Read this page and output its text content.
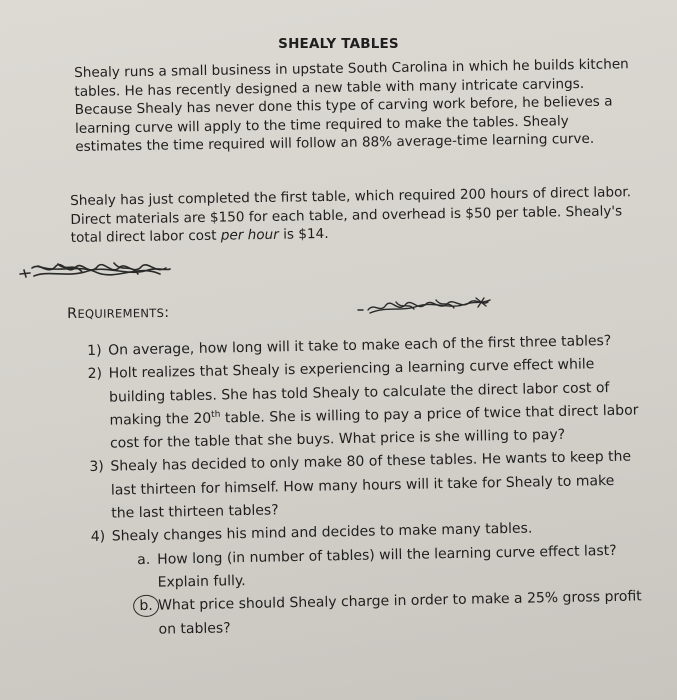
SHEALY TABLES
Shealy runs a small business in upstate South Carolina in which he builds kitchen
tables. He has recently designed a new table with many intricate carvings.
Because Shealy has never done this type of carving work before, he believes a
learning curve will apply to the time required to make the tables. Shealy
estimates the time required will follow an 88% average-time learning curve.
Shealy has just completed the first table, which required 200 hours of direct labor.
Direct materials are $150 for each table, and overhead is $50 per table. Shealy's
total direct labor cost per hour is $14.
REQUIREMENTS:
1) On average, how long will it take to make each of the first three tables?
2) Holt realizes that Shealy is experiencing a learning curve effect while
building tables. She has told Shealy to calculate the direct labor cost of
making the 20th table. She is willing to pay a price of twice that direct labor
cost for the table that she buys. What price is she willing to pay?
3) Shealy has decided to only make 80 of these tables. He wants to keep the
last thirteen for himself. How many hours will it take for Shealy to make
the last thirteen tables?
4) Shealy changes his mind and decides to make many tables.
a. How long (in number of tables) will the learning curve effect last?
Explain fully.
b. What price should Shealy charge in order to make a 25% gross profit
on tables?
